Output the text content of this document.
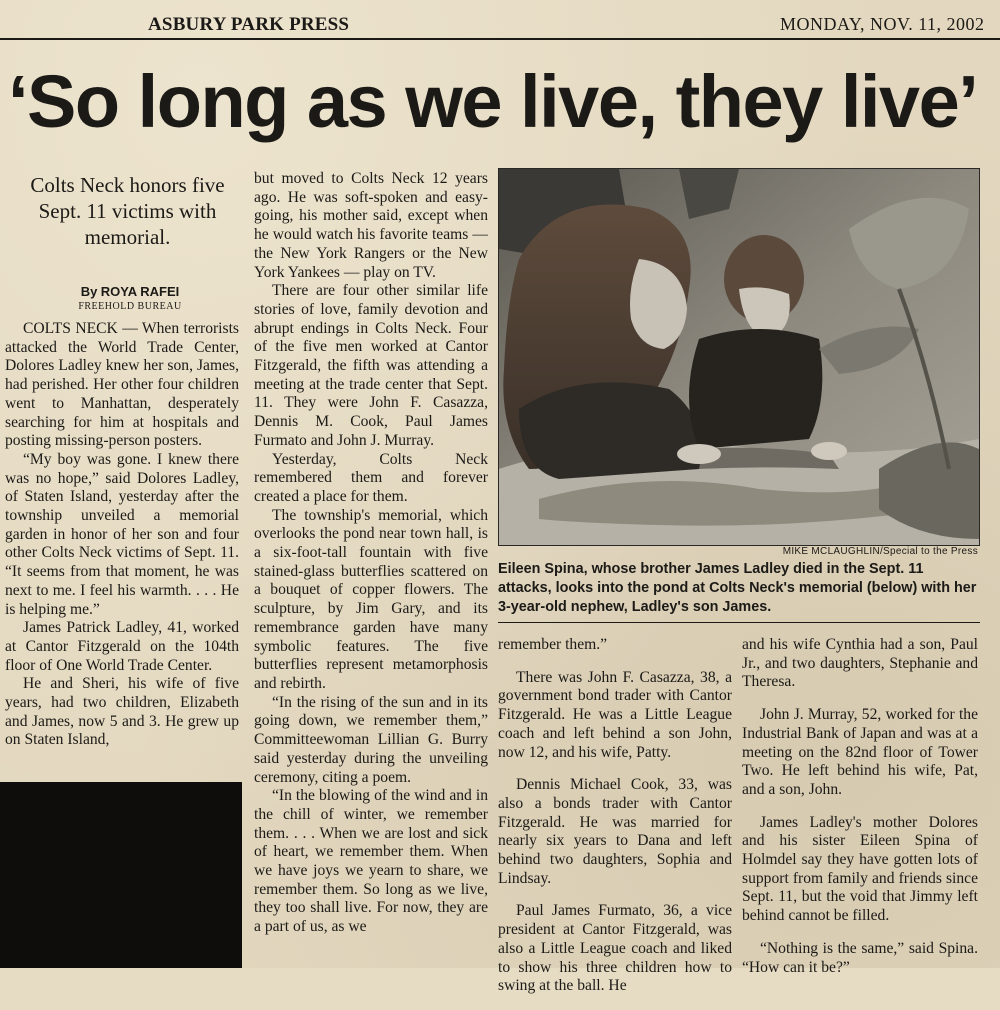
ASBURY PARK PRESS	MONDAY, NOV. 11, 2002
‘So long as we live, they live’
Colts Neck honors five
Sept. 11 victims with
memorial.
By ROYA RAFEI
FREEHOLD BUREAU

COLTS NECK — When terrorists attacked the World Trade Center, Dolores Ladley knew her son, James, had perished. Her other four children went to Manhattan, desperately searching for him at hospitals and posting missing-person posters.

“My boy was gone. I knew there was no hope,” said Dolores Ladley, of Staten Island, yesterday after the township unveiled a memorial garden in honor of her son and four other Colts Neck victims of Sept. 11. “It seems from that moment, he was next to me. I feel his warmth. . . . He is helping me.”

James Patrick Ladley, 41, worked at Cantor Fitzgerald on the 104th floor of One World Trade Center.

He and Sheri, his wife of five years, had two children, Elizabeth and James, now 5 and 3. He grew up on Staten Island,

but moved to Colts Neck 12 years ago. He was soft-spoken and easy-going, his mother said, except when he would watch his favorite teams — the New York Rangers or the New York Yankees — play on TV.

There are four other similar life stories of love, family devotion and abrupt endings in Colts Neck. Four of the five men worked at Cantor Fitzgerald, the fifth was attending a meeting at the trade center that Sept. 11. They were John F. Casazza, Dennis M. Cook, Paul James Furmato and John J. Murray.

Yesterday, Colts Neck remembered them and forever created a place for them.

The township's memorial, which overlooks the pond near town hall, is a six-foot-tall fountain with five stained-glass butterflies scattered on a bouquet of copper flowers. The sculpture, by Jim Gary, and its remembrance garden have many symbolic features. The five butterflies represent metamorphosis and rebirth.

“In the rising of the sun and in its going down, we remember them,” Committeewoman Lillian G. Burry said yesterday during the unveiling ceremony, citing a poem.

“In the blowing of the wind and in the chill of winter, we remember them. . . . When we are lost and sick of heart, we remember them. When we have joys we yearn to share, we remember them. So long as we live, they too shall live. For now, they are a part of us, as we

MIKE MCLAUGHLIN/Special to the Press
Eileen Spina, whose brother James Ladley died in the Sept. 11 attacks, looks into the pond at Colts Neck's memorial (below) with her 3-year-old nephew, Ladley's son James.

remember them.”

There was John F. Casazza, 38, a government bond trader with Cantor Fitzgerald. He was a Little League coach and left behind a son John, now 12, and his wife, Patty.

Dennis Michael Cook, 33, was also a bonds trader with Cantor Fitzgerald. He was married for nearly six years to Dana and left behind two daughters, Sophia and Lindsay.

Paul James Furmato, 36, a vice president at Cantor Fitzgerald, was also a Little League coach and liked to show his three children how to swing at the ball. He

and his wife Cynthia had a son, Paul Jr., and two daughters, Stephanie and Theresa.

John J. Murray, 52, worked for the Industrial Bank of Japan and was at a meeting on the 82nd floor of Tower Two. He left behind his wife, Pat, and a son, John.

James Ladley's mother Dolores and his sister Eileen Spina of Holmdel say they have gotten lots of support from family and friends since Sept. 11, but the void that Jimmy left behind cannot be filled.

“Nothing is the same,” said Spina. “How can it be?”
